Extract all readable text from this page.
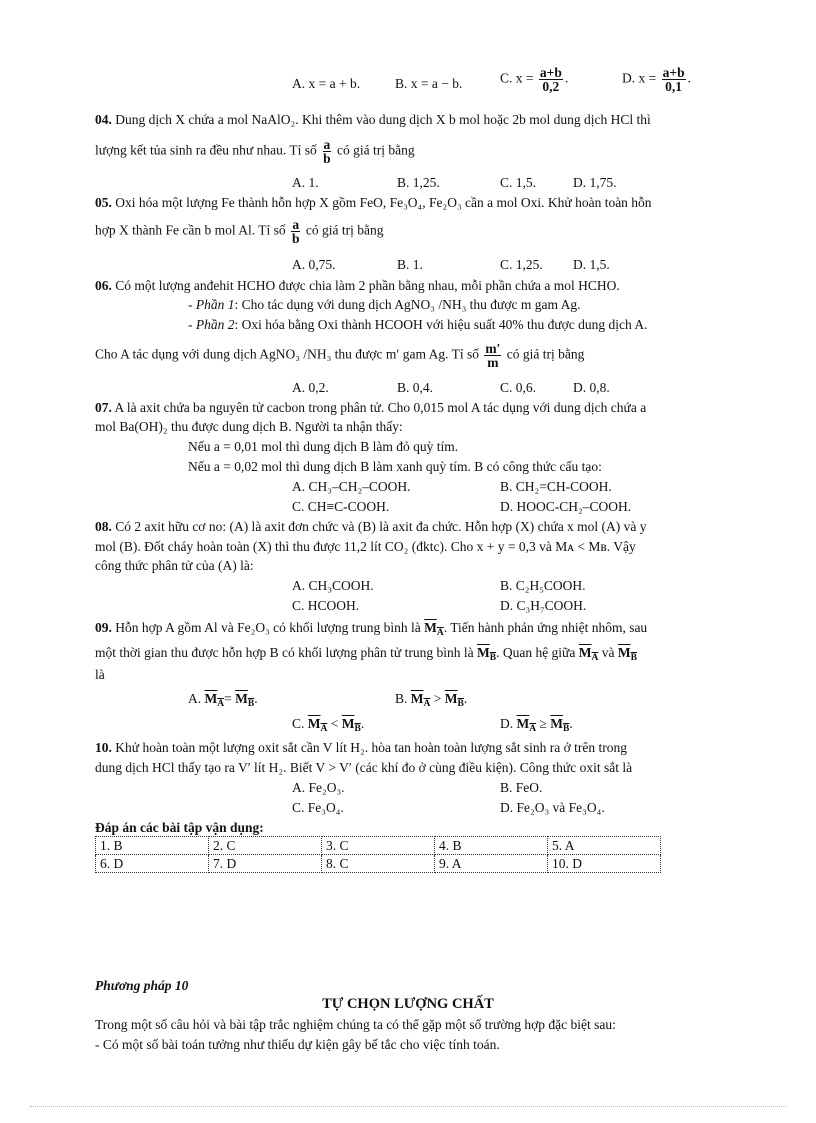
A. x = a + b.	B. x = a − b.	C. $x = \frac{a+b}{0,2}$ .	D. $x = \frac{a+b}{0,1}$ .
04. Dung dịch X chứa a mol NaAlO₂. Khi thêm vào dung dịch X b mol hoặc 2b mol dung dịch HCl thì
lượng kết tủa sinh ra đều như nhau. Tỉ số $\frac{a}{b}$ có giá trị bằng
A. 1.	B. 1,25.	C. 1,5.	D. 1,75.
05. Oxi hóa một lượng Fe thành hỗn hợp X gồm FeO, Fe₃O₄, Fe₂O₃ cần a mol Oxi. Khử hoàn toàn hỗn
hợp X thành Fe cần b mol Al. Tỉ số $\frac{a}{b}$ có giá trị bằng
A. 0,75.	B. 1.	C. 1,25. D. 1,5.
06. Có một lượng anđehit HCHO được chia làm 2 phần bằng nhau, mỗi phần chứa a mol HCHO.
- Phần 1: Cho tác dụng với dung dịch AgNO₃ /NH₃ thu được m gam Ag.
- Phần 2: Oxi hóa bằng Oxi thành HCOOH với hiệu suất 40% thu được dung dịch A.
Cho A tác dụng với dung dịch AgNO₃ /NH₃ thu được m′ gam Ag. Tỉ số $\frac{m'}{m}$ có giá trị bằng
A. 0,2.	B. 0,4.	C. 0,6.	D. 0,8.
07. A là axit chứa ba nguyên tử cacbon trong phân tử. Cho 0,015 mol A tác dụng với dung dịch chứa a
mol Ba(OH)₂ thu được dung dịch B. Người ta nhận thấy:
Nếu a = 0,01 mol thì dung dịch B làm đỏ quỳ tím.
Nếu a = 0,02 mol thì dung dịch B làm xanh quỳ tím. B có công thức cấu tạo:
A. CH₃–CH₂–COOH.	B. CH₂=CH-COOH.
C. CH≡C-COOH.	D. HOOC-CH₂–COOH.
08. Có 2 axit hữu cơ no: (A) là axit đơn chức và (B) là axit đa chức. Hỗn hợp (X) chứa x mol (A) và y
mol (B). Đốt cháy hoàn toàn (X) thì thu được 11,2 lít CO₂ (đktc). Cho x + y = 0,3 và Mᴀ < Mʙ. Vậy
công thức phân tử của (A) là:
A. CH₃COOH.	B. C₂H₅COOH.
C. HCOOH.	D. C₃H₇COOH.
09. Hỗn hợp A gồm Al và Fe₂O₃ có khối lượng trung bình là $M_A$. Tiến hành phản ứng nhiệt nhôm, sau
một thời gian thu được hỗn hợp B có khối lượng phân tử trung bình là $M_B$. Quan hệ giữa $M_A$ và $M_B$
là
A. $M_A= M_B$.	B. $M_A > M_B$.
C. $M_A < M_B$.	D. $M_A \ge M_B$.
10. Khử hoàn toàn một lượng oxit sắt cần V lít H₂. hòa tan hoàn toàn lượng sắt sinh ra ở trên trong
dung dịch HCl thấy tạo ra V′ lít H₂. Biết V > V′ (các khí đo ở cùng điều kiện). Công thức oxit sắt là
A. Fe₂O₃.	B. FeO.
C. Fe₃O₄.	D. Fe₂O₃ và Fe₃O₄.
Đáp án các bài tập vận dụng:
1. B	2. C	3. C	4. B	5. A
6. D	7. D	8. C	9. A	10. D
Phương pháp 10
TỰ CHỌN LƯỢNG CHẤT
Trong một số câu hỏi và bài tập trắc nghiệm chúng ta có thể gặp một số trường hợp đặc biệt sau:
- Có một số bài toán tưởng như thiếu dự kiện gây bế tắc cho việc tính toán.
